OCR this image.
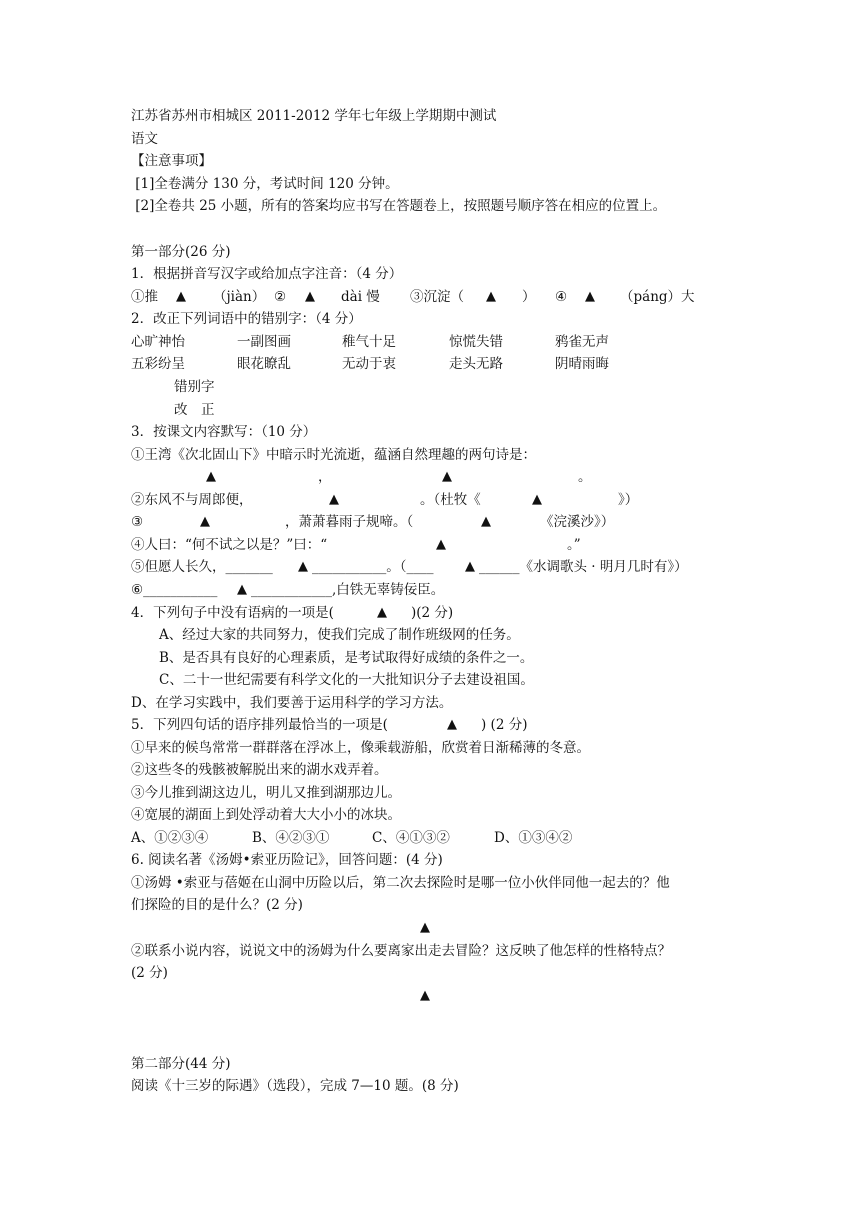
江苏省苏州市相城区 2011-2012 学年七年级上学期期中测试
语文
【注意事项】
[1]全卷满分 130 分，考试时间 120 分钟。
[2]全卷共 25 小题，所有的答案均应书写在答题卷上，按照题号顺序答在相应的位置上。
第一部分(26 分)
1．根据拼音写汉字或给加点字注音：（4 分）
①推 ▲ （jiàn） ② ▲ dài 慢 ③沉淀（ ▲ ） ④ ▲ （páng）大
2．改正下列词语中的错别字：（4 分）
心旷神怡	一副图画	稚气十足	惊慌失错	鸦雀无声
五彩纷呈	眼花瞭乱	无动于衷	走头无路	阴晴雨晦
错别字
改　正
3．按课文内容默写：（10 分）
①王湾《次北固山下》中暗示时光流逝，蕴涵自然理趣的两句诗是：
▲	，	▲	。
②东风不与周郎便，	▲	。（杜牧《	▲	》）
③	▲	，萧萧暮雨子规啼。（	▲	《浣溪沙》）
④人曰：“何不试之以是？”曰：“	▲	。”
⑤但愿人长久，_______ ▲ ___________。（____ ▲ ______《水调歌头 · 明月几时有》）
⑥___________ ▲ ____________,白铁无辜铸佞臣。
4．下列句子中没有语病的一项是(	▲ )(2 分)
A、经过大家的共同努力，使我们完成了制作班级网的任务。
B、是否具有良好的心理素质，是考试取得好成绩的条件之一。
C、二十一世纪需要有科学文化的一大批知识分子去建设祖国。
D、在学习实践中，我们要善于运用科学的学习方法。
5．下列四句话的语序排列最恰当的一项是(	▲ ) (2 分)
①早来的候鸟常常一群群落在浮冰上，像乘载游船，欣赏着日渐稀薄的冬意。
②这些冬的残骸被解脱出来的湖水戏弄着。
③今儿推到湖这边儿，明儿又推到湖那边儿。
④宽展的湖面上到处浮动着大大小小的冰块。
A、①②③④	B、④②③①	C、④①③②	D、①③④②
6. 阅读名著《汤姆•索亚历险记》，回答问题：(4 分)
①汤姆 •索亚与蓓姬在山洞中历险以后，第二次去探险时是哪一位小伙伴同他一起去的？他
们探险的目的是什么？(2 分)
▲
②联系小说内容，说说文中的汤姆为什么要离家出走去冒险？这反映了他怎样的性格特点？
(2 分)
▲
第二部分(44 分)
阅读《十三岁的际遇》（选段），完成 7—10 题。(8 分)
